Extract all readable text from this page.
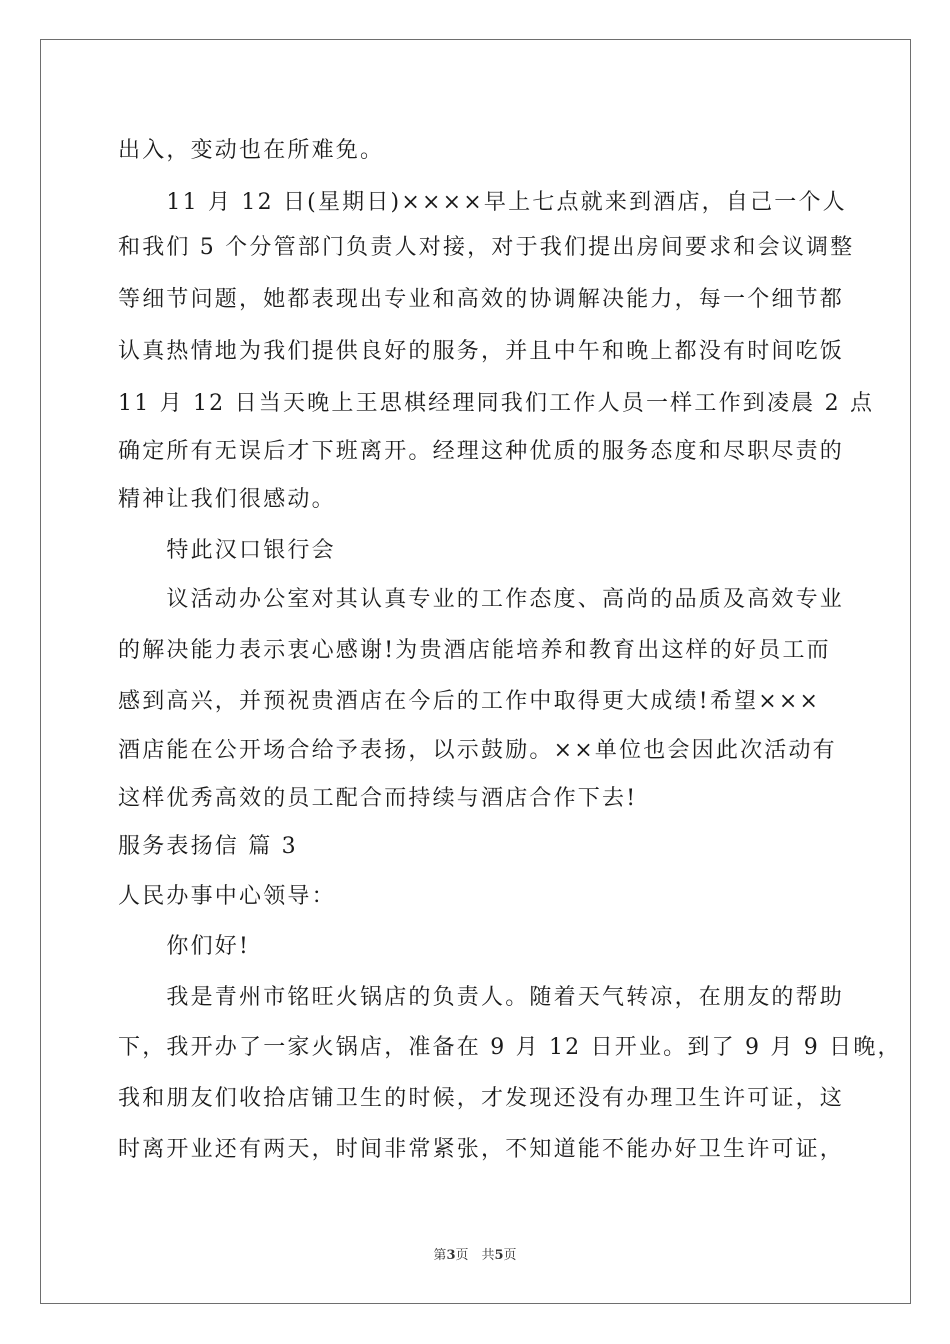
出入，变动也在所难免。
　　11 月 12 日(星期日)××××早上七点就来到酒店，自己一个人
和我们 5 个分管部门负责人对接，对于我们提出房间要求和会议调整
等细节问题，她都表现出专业和高效的协调解决能力，每一个细节都
认真热情地为我们提供良好的服务，并且中午和晚上都没有时间吃饭
11 月 12 日当天晚上王思棋经理同我们工作人员一样工作到凌晨 2 点
确定所有无误后才下班离开。经理这种优质的服务态度和尽职尽责的
精神让我们很感动。
　　特此汉口银行会
　　议活动办公室对其认真专业的工作态度、高尚的品质及高效专业
的解决能力表示衷心感谢!为贵酒店能培养和教育出这样的好员工而
感到高兴，并预祝贵酒店在今后的工作中取得更大成绩!希望×××
酒店能在公开场合给予表扬，以示鼓励。××单位也会因此次活动有
这样优秀高效的员工配合而持续与酒店合作下去!
服务表扬信 篇 3
人民办事中心领导：
　　你们好!
　　我是青州市铭旺火锅店的负责人。随着天气转凉，在朋友的帮助
下，我开办了一家火锅店，准备在 9 月 12 日开业。到了 9 月 9 日晚，
我和朋友们收拾店铺卫生的时候，才发现还没有办理卫生许可证，这
时离开业还有两天，时间非常紧张，不知道能不能办好卫生许可证，
第3页　共5页
